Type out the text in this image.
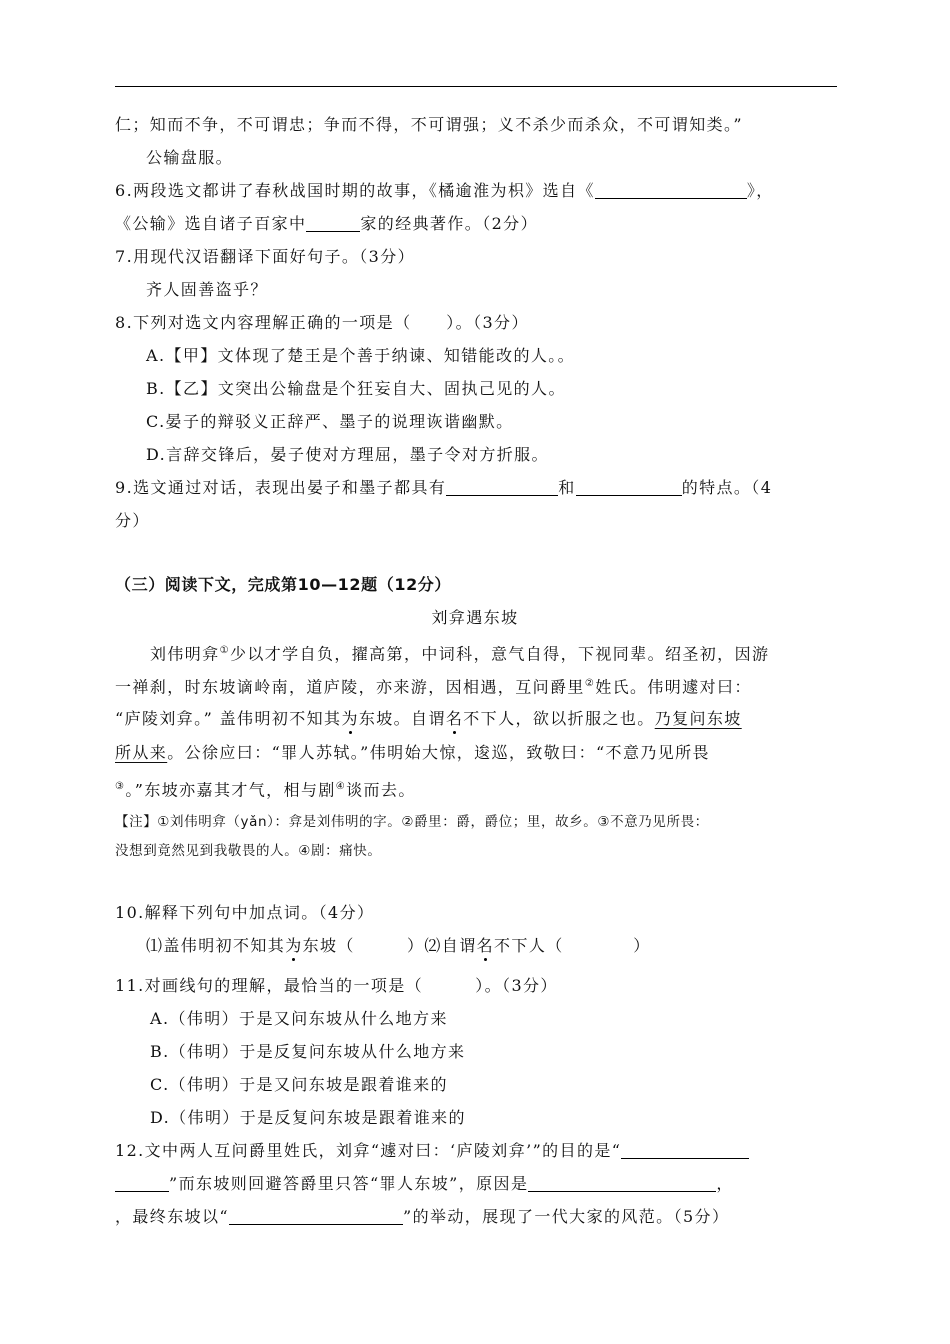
仁；知而不争，不可谓忠；争而不得，不可谓强；义不杀少而杀众，不可谓知类。”
公输盘服。
6.两段选文都讲了春秋战国时期的故事，《橘逾淮为枳》选自《	》，
《公输》选自诸子百家中	家的经典著作。（2分）
7.用现代汉语翻译下面好句子。（3分）
齐人固善盗乎？
8.下列对选文内容理解正确的一项是（　　）。（3分）
A.【甲】文体现了楚王是个善于纳谏、知错能改的人。。
B.【乙】文突出公输盘是个狂妄自大、固执己见的人。
C.晏子的辩驳义正辞严、墨子的说理诙谐幽默。
D.言辞交锋后，晏子使对方理屈，墨子令对方折服。
9.选文通过对话，表现出晏子和墨子都具有	和	的特点。（4
分）
（三）阅读下文，完成第10—12题（12分）
刘弇遇东坡
刘伟明弇①少以才学自负，擢高第，中词科，意气自得，下视同辈。绍圣初，因游
一禅刹，时东坡谪岭南，道庐陵，亦来游，因相遇，互问爵里②姓氏。伟明遽对曰：
“庐陵刘弇。” 盖伟明初不知其为东坡。自谓名不下人，欲以折服之也。乃复问东坡
所从来。公徐应曰：“罪人苏轼。”伟明始大惊，逡巡，致敬曰：“不意乃见所畏
③。”东坡亦嘉其才气，相与剧④谈而去。
【注】①刘伟明弇（yǎn）：弇是刘伟明的字。②爵里：爵，爵位；里，故乡。③不意乃见所畏：
没想到竟然见到我敬畏的人。④剧：痛快。
10.解释下列句中加点词。（4分）
⑴盖伟明初不知其为东坡（　　　）⑵自谓名不下人（　　　　）
11.对画线句的理解，最恰当的一项是（　　　）。（3分）
A.（伟明）于是又问东坡从什么地方来
B.（伟明）于是反复问东坡从什么地方来
C.（伟明）于是又问东坡是跟着谁来的
D.（伟明）于是反复问东坡是跟着谁来的
12.文中两人互问爵里姓氏，刘弇“遽对曰：‘庐陵刘弇’”的目的是“
”而东坡则回避答爵里只答“罪人东坡”，原因是	，
，最终东坡以“	”的举动，展现了一代大家的风范。（5分）
